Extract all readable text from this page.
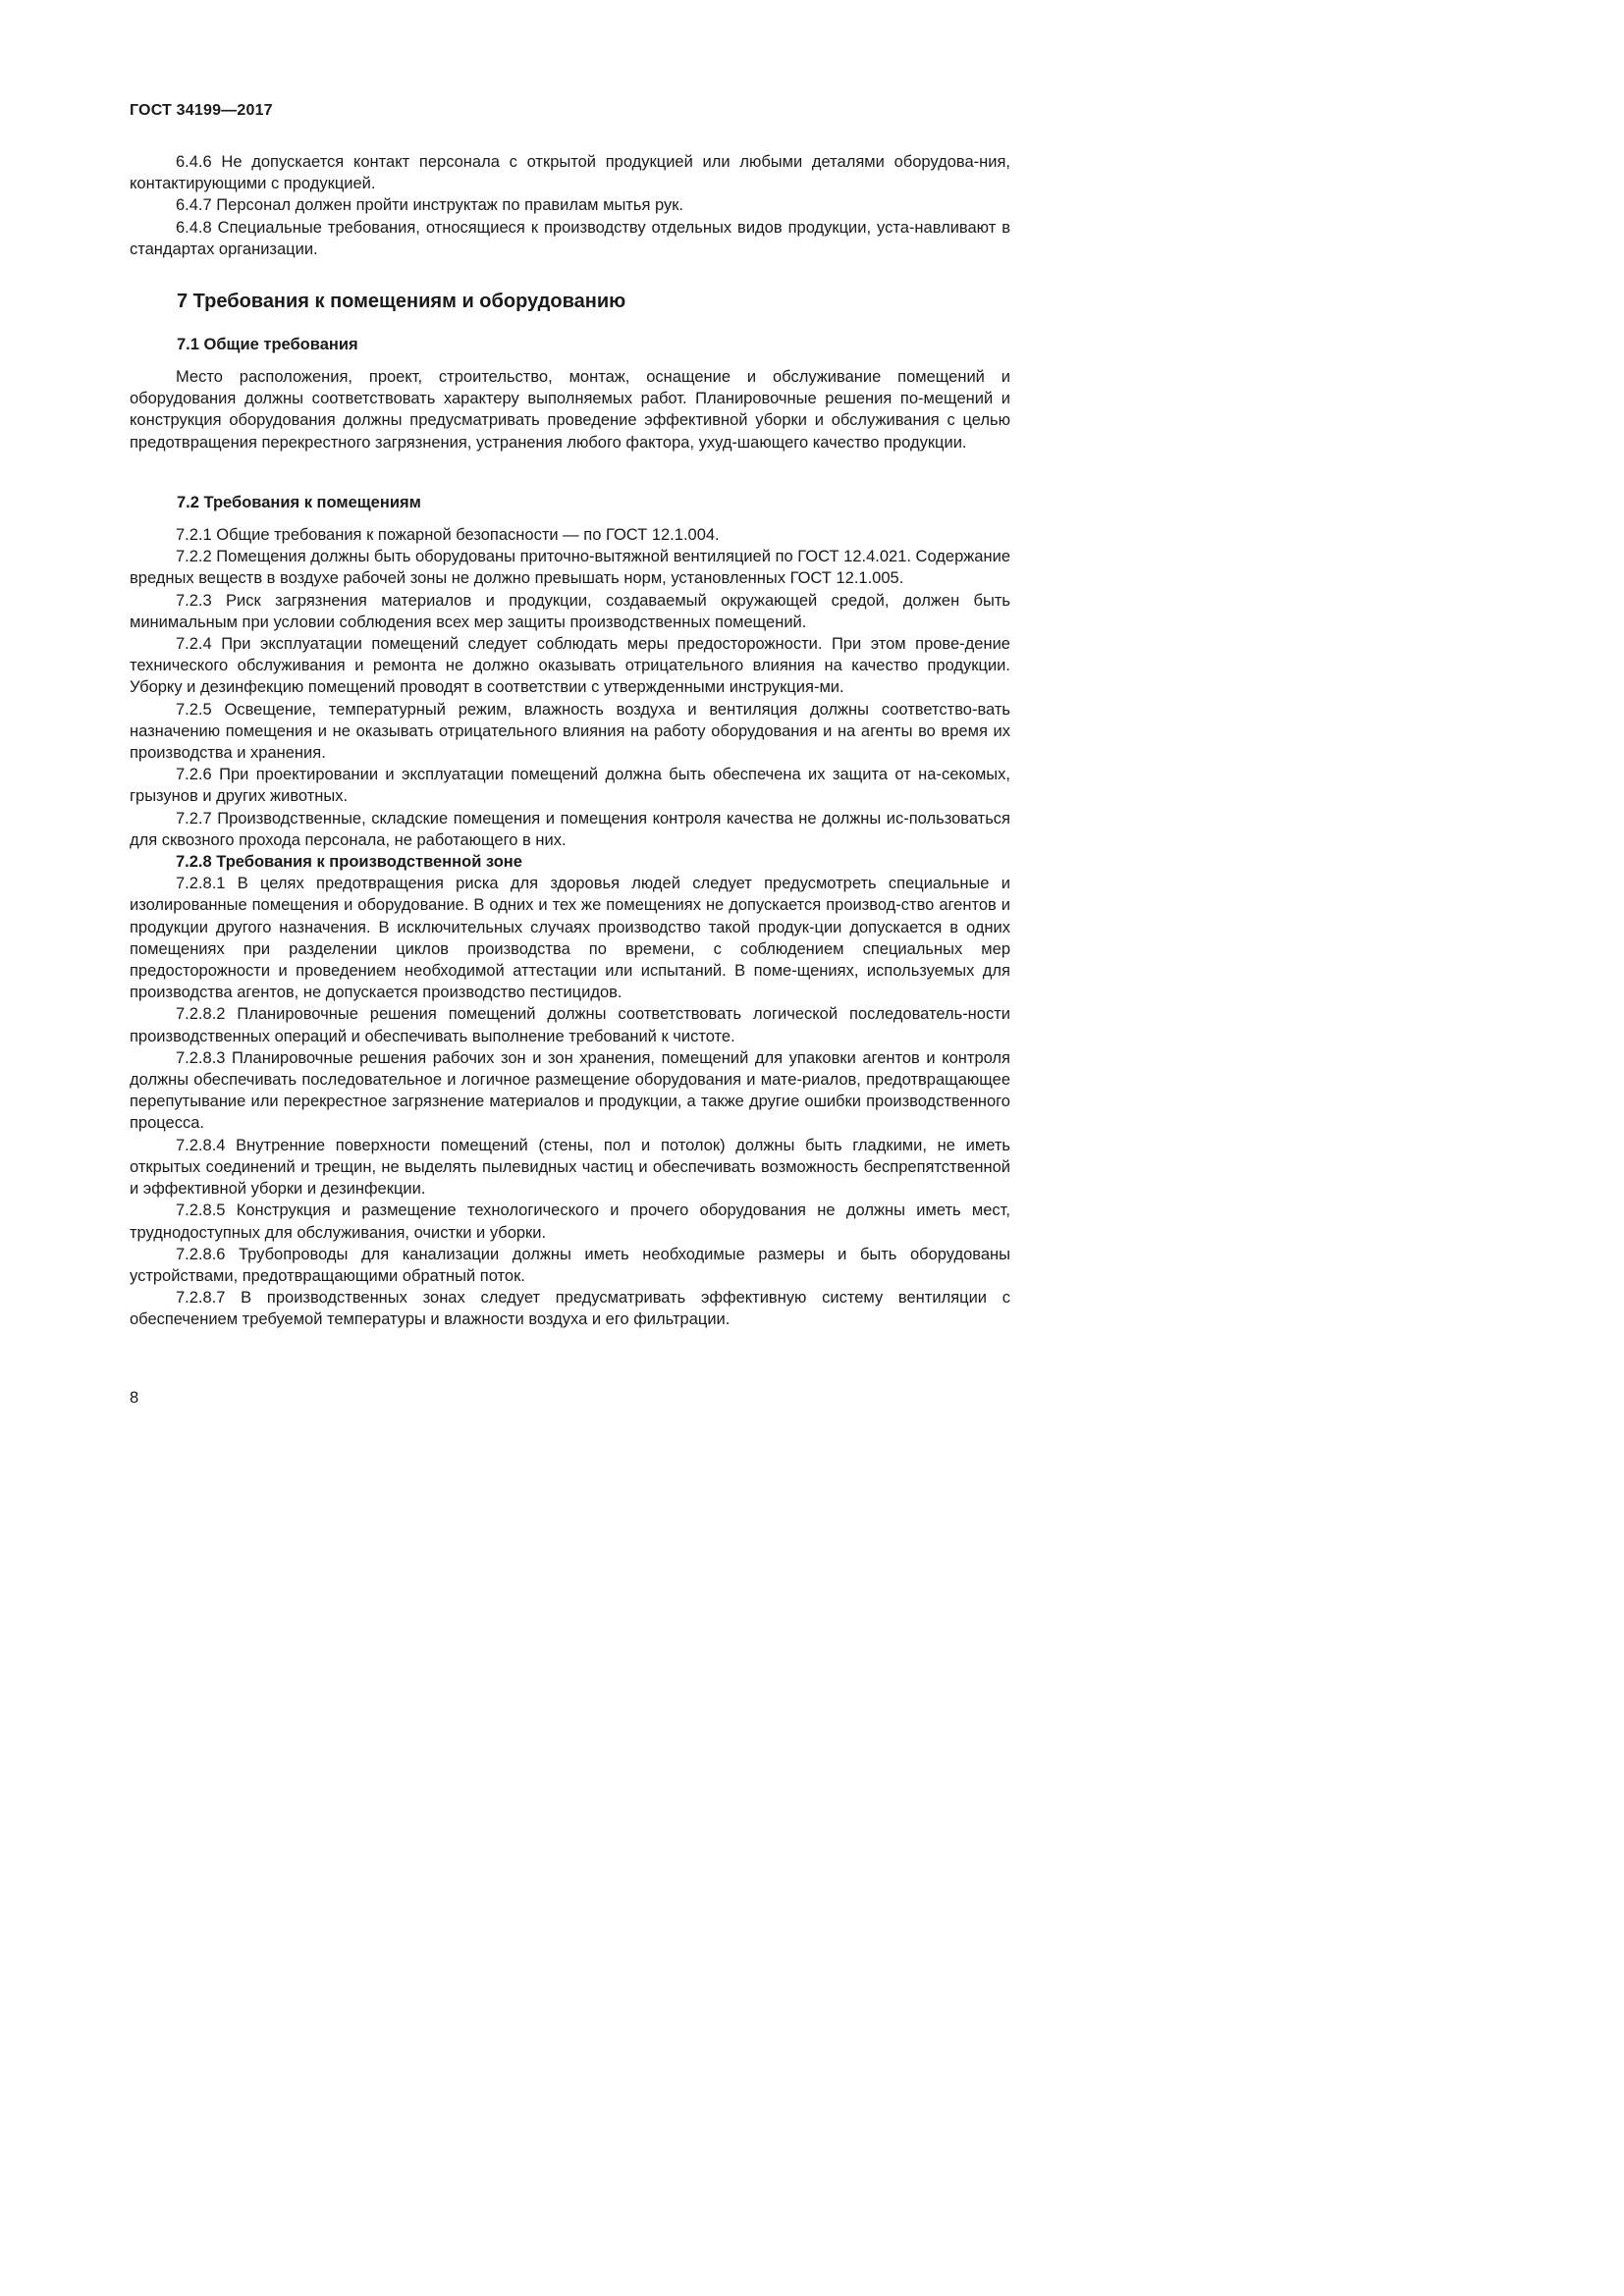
ГОСТ 34199—2017

6.4.6 Не допускается контакт персонала с открытой продукцией или любыми деталями оборудова-ния, контактирующими с продукцией.

6.4.7 Персонал должен пройти инструктаж по правилам мытья рук.

6.4.8 Специальные требования, относящиеся к производству отдельных видов продукции, уста-навливают в стандартах организации.

7 Требования к помещениям и оборудованию
7.1 Общие требования

Место расположения, проект, строительство, монтаж, оснащение и обслуживание помещений и оборудования должны соответствовать характеру выполняемых работ. Планировочные решения по-мещений и конструкция оборудования должны предусматривать проведение эффективной уборки и обслуживания с целью предотвращения перекрестного загрязнения, устранения любого фактора, ухуд-шающего качество продукции.

7.2 Требования к помещениям

7.2.1 Общие требования к пожарной безопасности — по ГОСТ 12.1.004.

7.2.2 Помещения должны быть оборудованы приточно-вытяжной вентиляцией по ГОСТ 12.4.021. Содержание вредных веществ в воздухе рабочей зоны не должно превышать норм, установленных ГОСТ 12.1.005.

7.2.3 Риск загрязнения материалов и продукции, создаваемый окружающей средой, должен быть минимальным при условии соблюдения всех мер защиты производственных помещений.

7.2.4 При эксплуатации помещений следует соблюдать меры предосторожности. При этом прове-дение технического обслуживания и ремонта не должно оказывать отрицательного влияния на качество продукции. Уборку и дезинфекцию помещений проводят в соответствии с утвержденными инструкция-ми.

7.2.5 Освещение, температурный режим, влажность воздуха и вентиляция должны соответство-вать назначению помещения и не оказывать отрицательного влияния на работу оборудования и на агенты во время их производства и хранения.

7.2.6 При проектировании и эксплуатации помещений должна быть обеспечена их защита от на-секомых, грызунов и других животных.

7.2.7 Производственные, складские помещения и помещения контроля качества не должны ис-пользоваться для сквозного прохода персонала, не работающего в них.

7.2.8 Требования к производственной зоне

7.2.8.1 В целях предотвращения риска для здоровья людей следует предусмотреть специальные и изолированные помещения и оборудование. В одних и тех же помещениях не допускается производ-ство агентов и продукции другого назначения. В исключительных случаях производство такой продук-ции допускается в одних помещениях при разделении циклов производства по времени, с соблюдением специальных мер предосторожности и проведением необходимой аттестации или испытаний. В поме-щениях, используемых для производства агентов, не допускается производство пестицидов.

7.2.8.2 Планировочные решения помещений должны соответствовать логической последователь-ности производственных операций и обеспечивать выполнение требований к чистоте.

7.2.8.3 Планировочные решения рабочих зон и зон хранения, помещений для упаковки агентов и контроля должны обеспечивать последовательное и логичное размещение оборудования и мате-риалов, предотвращающее перепутывание или перекрестное загрязнение материалов и продукции, а также другие ошибки производственного процесса.

7.2.8.4 Внутренние поверхности помещений (стены, пол и потолок) должны быть гладкими, не иметь открытых соединений и трещин, не выделять пылевидных частиц и обеспечивать возможность беспрепятственной и эффективной уборки и дезинфекции.

7.2.8.5 Конструкция и размещение технологического и прочего оборудования не должны иметь мест, труднодоступных для обслуживания, очистки и уборки.

7.2.8.6 Трубопроводы для канализации должны иметь необходимые размеры и быть оборудованы устройствами, предотвращающими обратный поток.

7.2.8.7 В производственных зонах следует предусматривать эффективную систему вентиляции с обеспечением требуемой температуры и влажности воздуха и его фильтрации.

8
